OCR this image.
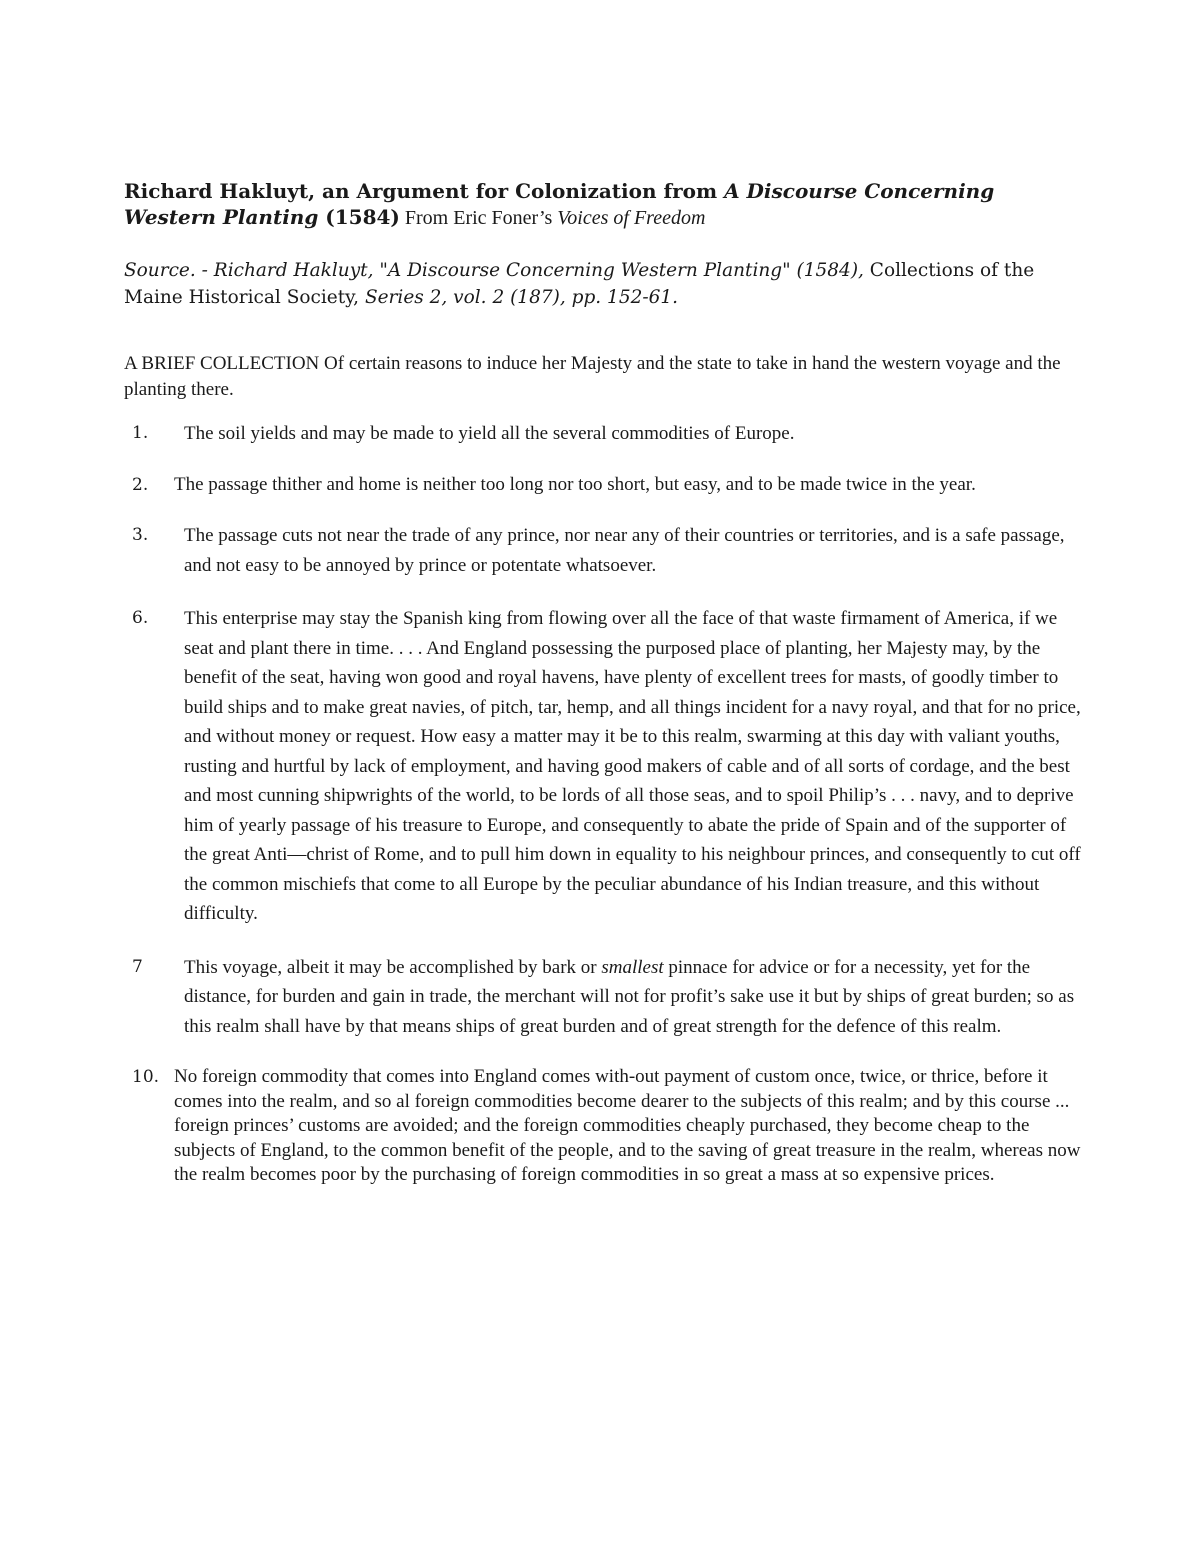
Richard Hakluyt, an Argument for Colonization from A Discourse Concerning Western Planting (1584) From Eric Foner’s Voices of Freedom

Source. - Richard Hakluyt, "A Discourse Concerning Western Planting" (1584), Collections of the Maine Historical Society, Series 2, vol. 2 (187), pp. 152-61.

A BRIEF COLLECTION Of certain reasons to induce her Majesty and the state to take in hand the western voyage and the planting there.

1. The soil yields and may be made to yield all the several commodities of Europe.
2. The passage thither and home is neither too long nor too short, but easy, and to be made twice in the year.
3. The passage cuts not near the trade of any prince, nor near any of their countries or territories, and is a safe passage, and not easy to be annoyed by prince or potentate whatsoever.
6. This enterprise may stay the Spanish king from flowing over all the face of that waste firmament of America, if we seat and plant there in time. . . . And England possessing the purposed place of planting, her Majesty may, by the benefit of the seat, having won good and royal havens, have plenty of excellent trees for masts, of goodly timber to build ships and to make great navies, of pitch, tar, hemp, and all things incident for a navy royal, and that for no price, and without money or request. How easy a matter may it be to this realm, swarming at this day with valiant youths, rusting and hurtful by lack of employment, and having good makers of cable and of all sorts of cordage, and the best and most cunning shipwrights of the world, to be lords of all those seas, and to spoil Philip’s . . . navy, and to deprive him of yearly passage of his treasure to Europe, and consequently to abate the pride of Spain and of the supporter of the great Anti—christ of Rome, and to pull him down in equality to his neighbour princes, and consequently to cut off the common mischiefs that come to all Europe by the peculiar abundance of his Indian treasure, and this without difficulty.
7 This voyage, albeit it may be accomplished by bark or smallest pinnace for advice or for a necessity, yet for the distance, for burden and gain in trade, the merchant will not for profit’s sake use it but by ships of great burden; so as this realm shall have by that means ships of great burden and of great strength for the defence of this realm.
10. No foreign commodity that comes into England comes with-out payment of custom once, twice, or thrice, before it comes into the realm, and so al foreign commodities become dearer to the subjects of this realm; and by this course ... foreign princes’ customs are avoided; and the foreign commodities cheaply purchased, they become cheap to the subjects of England, to the common benefit of the people, and to the saving of great treasure in the realm, whereas now the realm becomes poor by the purchasing of foreign commodities in so great a mass at so expensive prices.
